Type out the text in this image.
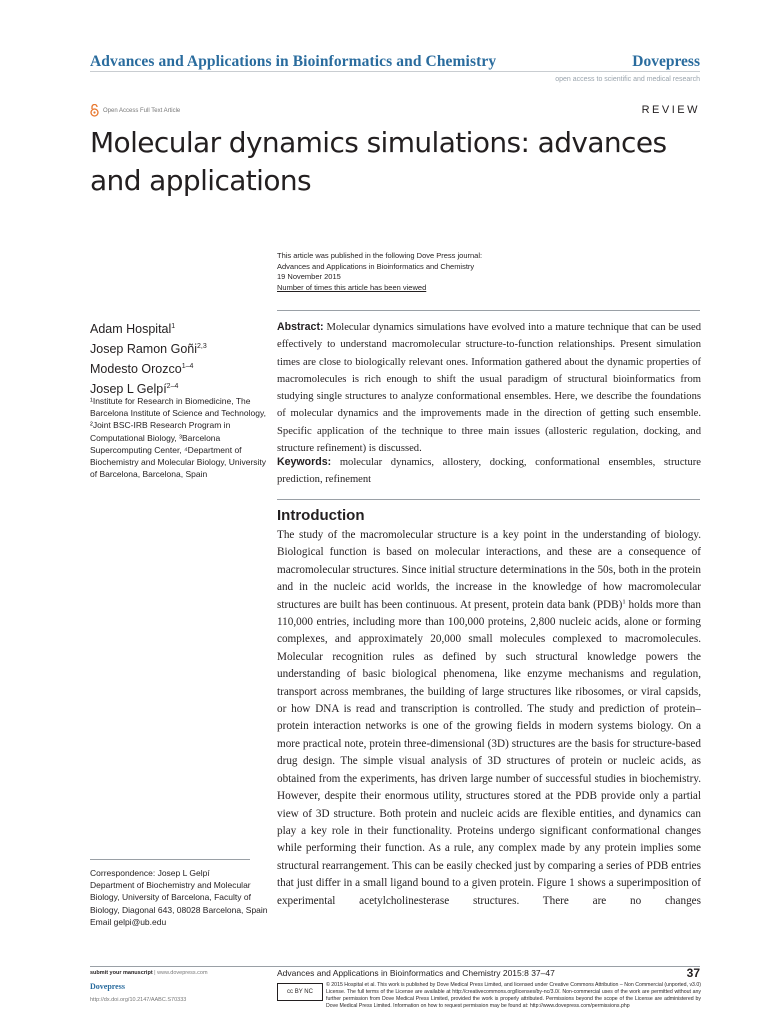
Advances and Applications in Bioinformatics and Chemistry	Dovepress
open access to scientific and medical research
Open Access Full Text Article	REVIEW
Molecular dynamics simulations: advances and applications
This article was published in the following Dove Press journal:
Advances and Applications in Bioinformatics and Chemistry
19 November 2015
Number of times this article has been viewed
Adam Hospital$^1$
Josep Ramon Goñi$^{2,3}$
Modesto Orozco$^{1-4}$
Josep L Gelpí$^{2-4}$
¹Institute for Research in Biomedicine, The Barcelona Institute of Science and Technology, ²Joint BSC-IRB Research Program in Computational Biology, ³Barcelona Supercomputing Center, ⁴Department of Biochemistry and Molecular Biology, University of Barcelona, Barcelona, Spain
Abstract: Molecular dynamics simulations have evolved into a mature technique that can be used effectively to understand macromolecular structure-to-function relationships. Present simulation times are close to biologically relevant ones. Information gathered about the dynamic properties of macromolecules is rich enough to shift the usual paradigm of structural bioinformatics from studying single structures to analyze conformational ensembles. Here, we describe the foundations of molecular dynamics and the improvements made in the direction of getting such ensemble. Specific application of the technique to three main issues (allosteric regulation, docking, and structure refinement) is discussed.
Keywords: molecular dynamics, allostery, docking, conformational ensembles, structure prediction, refinement
Introduction
The study of the macromolecular structure is a key point in the understanding of biology. Biological function is based on molecular interactions, and these are a consequence of macromolecular structures. Since initial structure determinations in the 50s, both in the protein and in the nucleic acid worlds, the increase in the knowledge of how macromolecular structures are built has been continuous. At present, protein data bank (PDB)$^1$ holds more than 110,000 entries, including more than 100,000 proteins, 2,800 nucleic acids, alone or forming complexes, and approximately 20,000 small molecules complexed to macromolecules. Molecular recognition rules as defined by such structural knowledge powers the understanding of basic biological phenomena, like enzyme mechanisms and regulation, transport across membranes, the building of large structures like ribosomes, or viral capsids, or how DNA is read and transcription is controlled. The study and prediction of protein–protein interaction networks is one of the growing fields in modern systems biology. On a more practical note, protein three-dimensional (3D) structures are the basis for structure-based drug design. The simple visual analysis of 3D structures of protein or nucleic acids, as obtained from the experiments, has driven large number of successful studies in biochemistry. However, despite their enormous utility, structures stored at the PDB provide only a partial view of 3D structure. Both protein and nucleic acids are flexible entities, and dynamics can play a key role in their functionality. Proteins undergo significant conformational changes while performing their function. As a rule, any complex made by any protein implies some structural rearrangement. This can be easily checked just by comparing a series of PDB entries that just differ in a small ligand bound to a given protein. Figure 1 shows a superimposition of experimental acetylcholinesterase structures. There are no changes
Correspondence: Josep L Gelpí
Department of Biochemistry and Molecular Biology, University of Barcelona, Faculty of Biology, Diagonal 643, 08028 Barcelona, Spain
Email gelpi@ub.edu
submit your manuscript | www.dovepress.com
Dovepress
http://dx.doi.org/10.2147/AABC.S70333
Advances and Applications in Bioinformatics and Chemistry 2015:8 37–47	37
cc BY NC
© 2015 Hospital et al. This work is published by Dove Medical Press Limited, and licensed under Creative Commons Attribution – Non Commercial (unported, v3.0) License. The full terms of the License are available at http://creativecommons.org/licenses/by-nc/3.0/. Non-commercial uses of the work are permitted without any further permission from Dove Medical Press Limited, provided the work is properly attributed. Permissions beyond the scope of the License are administered by Dove Medical Press Limited. Information on how to request permission may be found at: http://www.dovepress.com/permissions.php
